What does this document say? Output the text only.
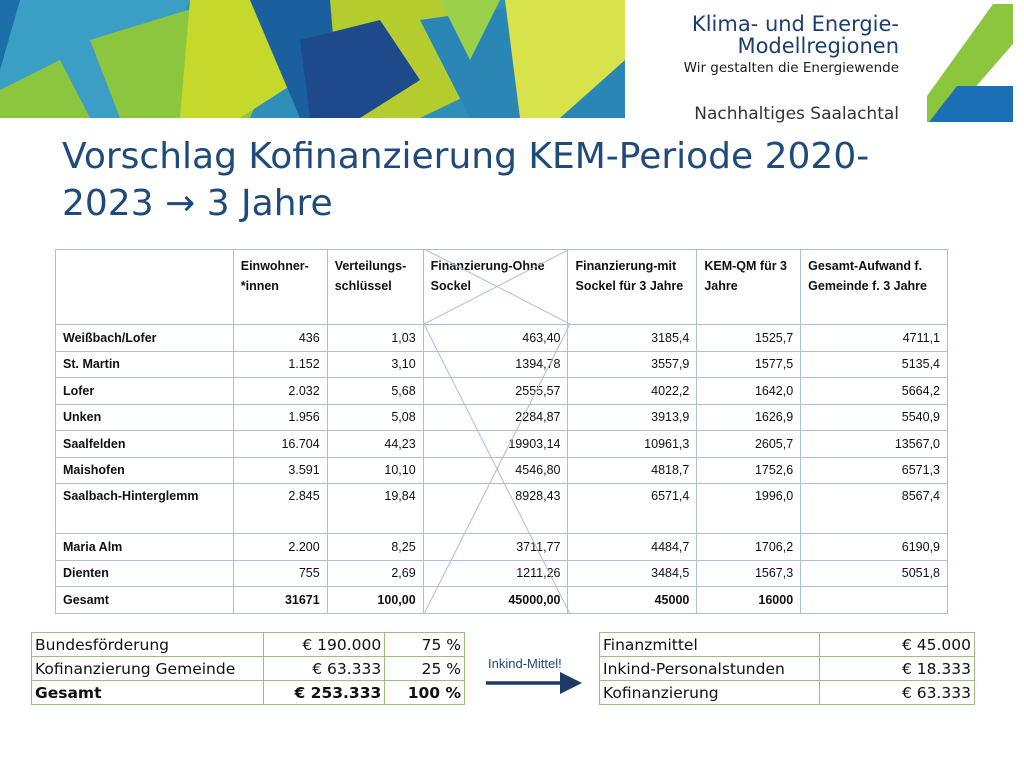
Klima- und Energie-
Modellregionen
Wir gestalten die Energiewende
Nachhaltiges Saalachtal
Vorschlag Kofinanzierung KEM-Periode 2020-
2023 → 3 Jahre
	Einwohner-*innen	Verteilungs-schlüssel	Finanzierung-Ohne Sockel	Finanzierung-mit Sockel für 3 Jahre	KEM-QM für 3 Jahre	Gesamt-Aufwand f. Gemeinde f. 3 Jahre
Weißbach/Lofer	436	1,03	463,40	3185,4	1525,7	4711,1
St. Martin	1.152	3,10	1394,78	3557,9	1577,5	5135,4
Lofer	2.032	5,68	2555,57	4022,2	1642,0	5664,2
Unken	1.956	5,08	2284,87	3913,9	1626,9	5540,9
Saalfelden	16.704	44,23	19903,14	10961,3	2605,7	13567,0
Maishofen	3.591	10,10	4546,80	4818,7	1752,6	6571,3
Saalbach-Hinterglemm	2.845	19,84	8928,43	6571,4	1996,0	8567,4
Maria Alm	2.200	8,25	3711,77	4484,7	1706,2	6190,9
Dienten	755	2,69	1211,26	3484,5	1567,3	5051,8
Gesamt	31671	100,00	45000,00	45000	16000	
Bundesförderung	€ 190.000	75 %
Kofinanzierung Gemeinde	€ 63.333	25 %
Gesamt	€ 253.333	100 %
Inkind-Mittel!
Finanzmittel	€ 45.000
Inkind-Personalstunden	€ 18.333
Kofinanzierung	€ 63.333
